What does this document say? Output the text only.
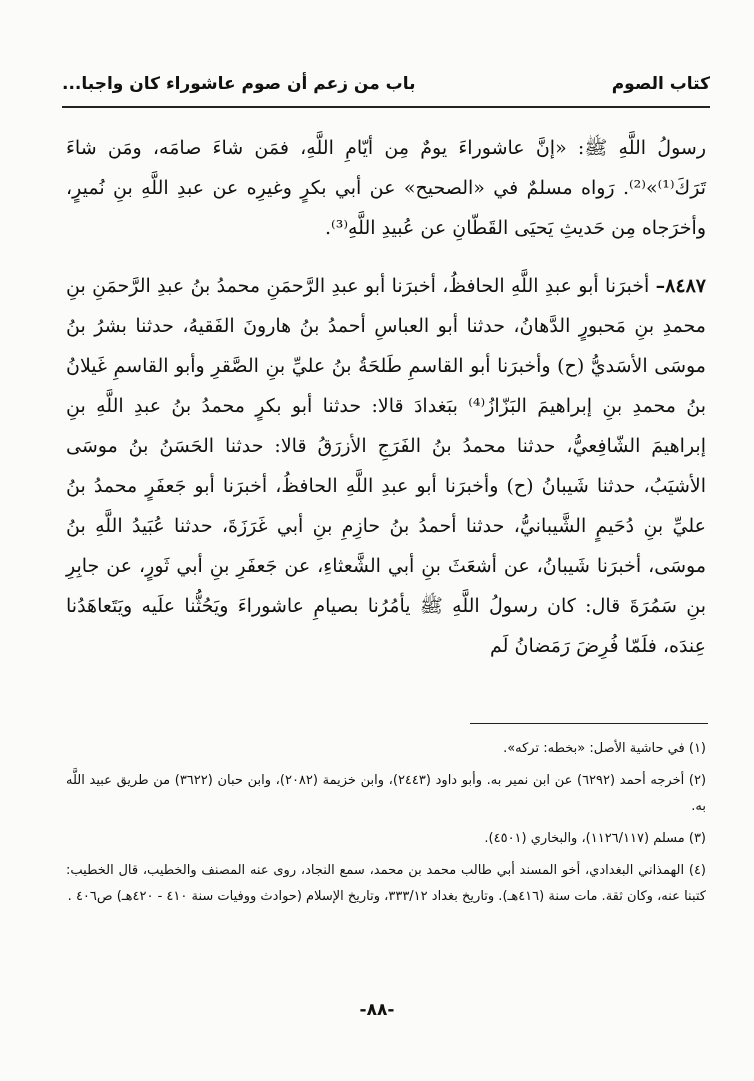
كتاب الصوم
باب من زعم أن صوم عاشوراء كان واجبا...

رسولُ اللَّهِ ﷺ: «إنَّ عاشوراءَ يومٌ مِن أيّامِ اللَّهِ، فمَن شاءَ صامَه، ومَن شاءَ تَرَكَ⁽¹⁾»⁽²⁾. رَواه مسلمٌ في «الصحيح» عن أبي بكرٍ وغيرِه عن عبدِ اللَّهِ بنِ نُميرٍ، وأخرَجاه مِن حَديثِ يَحيَى القَطّانِ عن عُبيدِ اللَّهِ⁽³⁾.

٨٤٨٧– أخبرَنا أبو عبدِ اللَّهِ الحافظُ، أخبرَنا أبو عبدِ الرَّحمَنِ محمدُ بنُ عبدِ الرَّحمَنِ بنِ محمدِ بنِ مَحبورٍ الدَّهانُ، حدثنا أبو العباسِ أحمدُ بنُ هارونَ الفَقيهُ، حدثنا بشرُ بنُ موسَى الأسَديُّ (ح) وأخبرَنا أبو القاسمِ طَلحَةُ بنُ عليِّ بنِ الصَّقرِ وأبو القاسمِ غَيلانُ بنُ محمدِ بنِ إبراهيمَ البَزّازُ⁽⁴⁾ ببَغدادَ قالا: حدثنا أبو بكرٍ محمدُ بنُ عبدِ اللَّهِ بنِ إبراهيمَ الشّافِعيُّ، حدثنا محمدُ بنُ الفَرَجِ الأزرَقُ قالا: حدثنا الحَسَنُ بنُ موسَى الأشيَبُ، حدثنا شَيبانُ (ح) وأخبرَنا أبو عبدِ اللَّهِ الحافظُ، أخبرَنا أبو جَعفَرٍ محمدُ بنُ عليِّ بنِ دُحَيمٍ الشَّيبانيُّ، حدثنا أحمدُ بنُ حازِمِ بنِ أبي غَرَزَةَ، حدثنا عُبَيدُ اللَّهِ بنُ موسَى، أخبرَنا شَيبانُ، عن أشعَثَ بنِ أبي الشَّعثاءِ، عن جَعفَرِ بنِ أبي ثَورٍ، عن جابِرِ بنِ سَمُرَةَ قال: كان رسولُ اللَّهِ ﷺ يأمُرُنا بصيامِ عاشوراءَ ويَحُثُّنا علَيه ويَتَعاهَدُنا عِندَه، فلَمّا فُرِضَ رَمَضانُ لَم

(١) في حاشية الأصل: «بخطه: تركه».

(٢) أخرجه أحمد (٦٢٩٢) عن ابن نمير به. وأبو داود (٢٤٤٣)، وابن خزيمة (٢٠٨٢)، وابن حبان (٣٦٢٢) من طريق عبيد اللَّه به.

(٣) مسلم (١١٢٦/١١٧)، والبخاري (٤٥٠١).

(٤) الهمذاني البغدادي، أخو المسند أبي طالب محمد بن محمد، سمع النجاد، روى عنه المصنف والخطيب، قال الخطيب: كتبنا عنه، وكان ثقة. مات سنة (٤١٦هـ). وتاريخ بغداد ٣٣٣/١٢، وتاريخ الإسلام (حوادث ووفيات سنة ٤١٠ - ٤٢٠هـ) ص٤٠٦ .

-٨٨-
